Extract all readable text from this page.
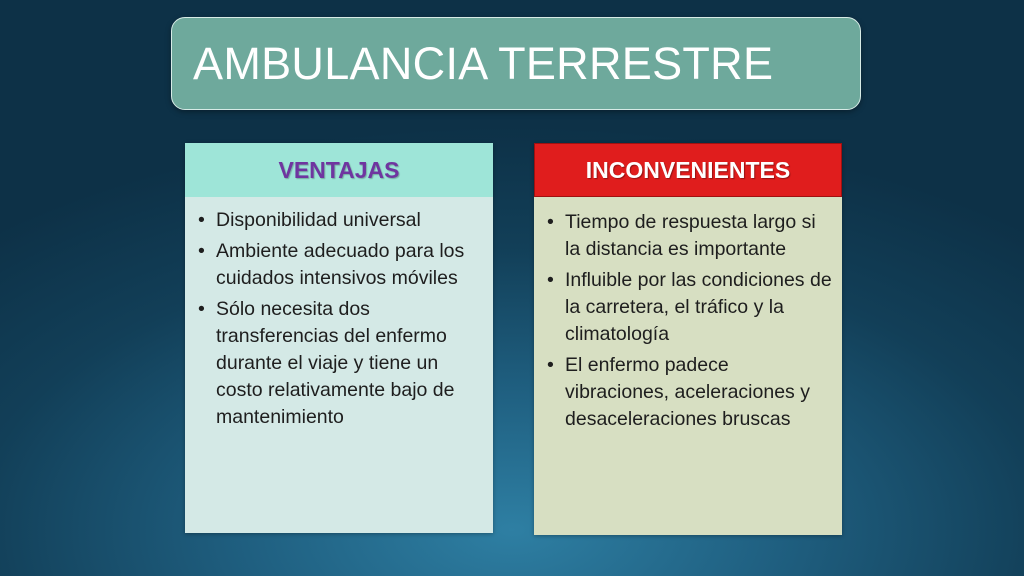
AMBULANCIA TERRESTRE
VENTAJAS
• Disponibilidad universal
• Ambiente adecuado para los cuidados intensivos móviles
• Sólo necesita dos transferencias del enfermo durante el viaje y tiene un costo relativamente bajo de mantenimiento
INCONVENIENTES
• Tiempo de respuesta largo si la distancia es importante
• Influible por las condiciones de la carretera, el tráfico y la climatología
• El enfermo padece vibraciones, aceleraciones y desaceleraciones bruscas
